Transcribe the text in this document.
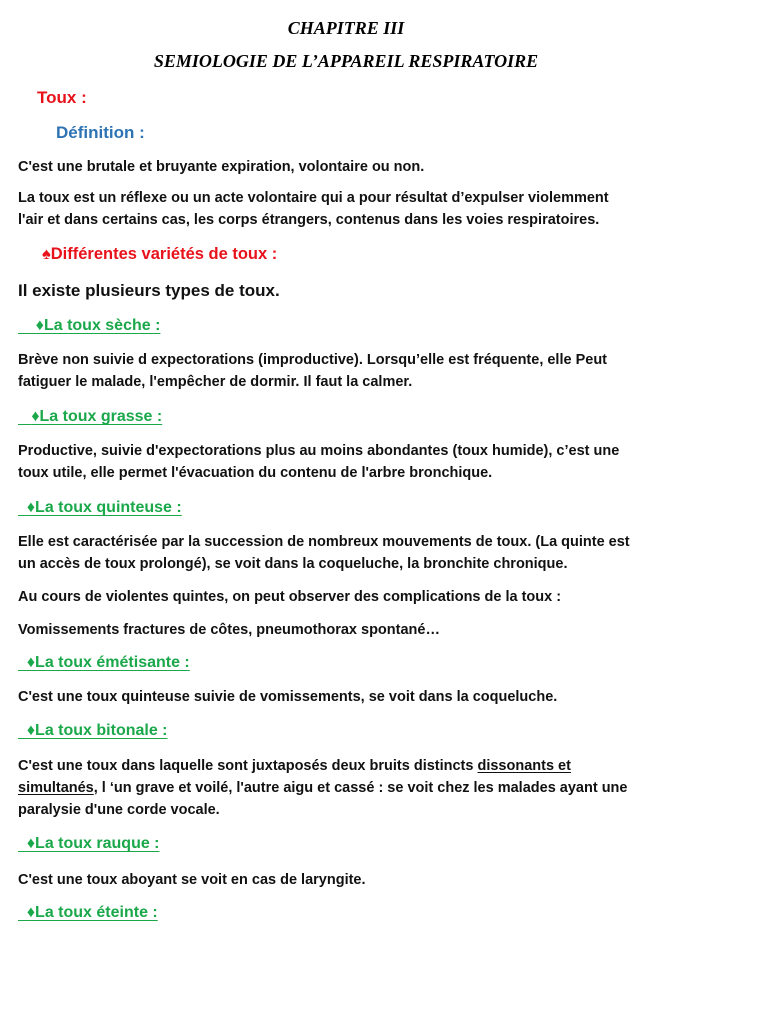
CHAPITRE III

SEMIOLOGIE DE L’APPAREIL RESPIRATOIRE

Toux :

Définition :

C'est une brutale et bruyante expiration, volontaire ou non.

La toux est un réflexe ou un acte volontaire qui a pour résultat d’expulser violemment

l'air et dans certains cas, les corps étrangers, contenus dans les voies respiratoires.

♠Différentes variétés de toux :

Il existe plusieurs types de toux.

♦La toux sèche :

Brève non suivie d expectorations (improductive). Lorsqu’elle est fréquente, elle Peut

fatiguer le malade, l'empêcher de dormir. Il faut la calmer.

♦La toux grasse :

Productive, suivie d'expectorations plus au moins abondantes (toux humide), c’est une

toux utile, elle permet l'évacuation du contenu de l'arbre bronchique.

♦La toux quinteuse :

Elle est caractérisée par la succession de nombreux mouvements de toux. (La quinte est

un accès de toux prolongé), se voit dans la coqueluche, la bronchite chronique.

Au cours de violentes quintes, on peut observer des complications de la toux :

Vomissements fractures de côtes, pneumothorax spontané…

♦La toux émétisante :

C'est une toux quinteuse suivie de vomissements, se voit dans la coqueluche.

♦La toux bitonale :

C'est une toux dans laquelle sont juxtaposés deux bruits distincts dissonants et

simultanés, l ‘un grave et voilé, l'autre aigu et cassé : se voit chez les malades ayant une

paralysie d'une corde vocale.

♦La toux rauque :

C'est une toux aboyant se voit en cas de laryngite.

♦La toux éteinte :
